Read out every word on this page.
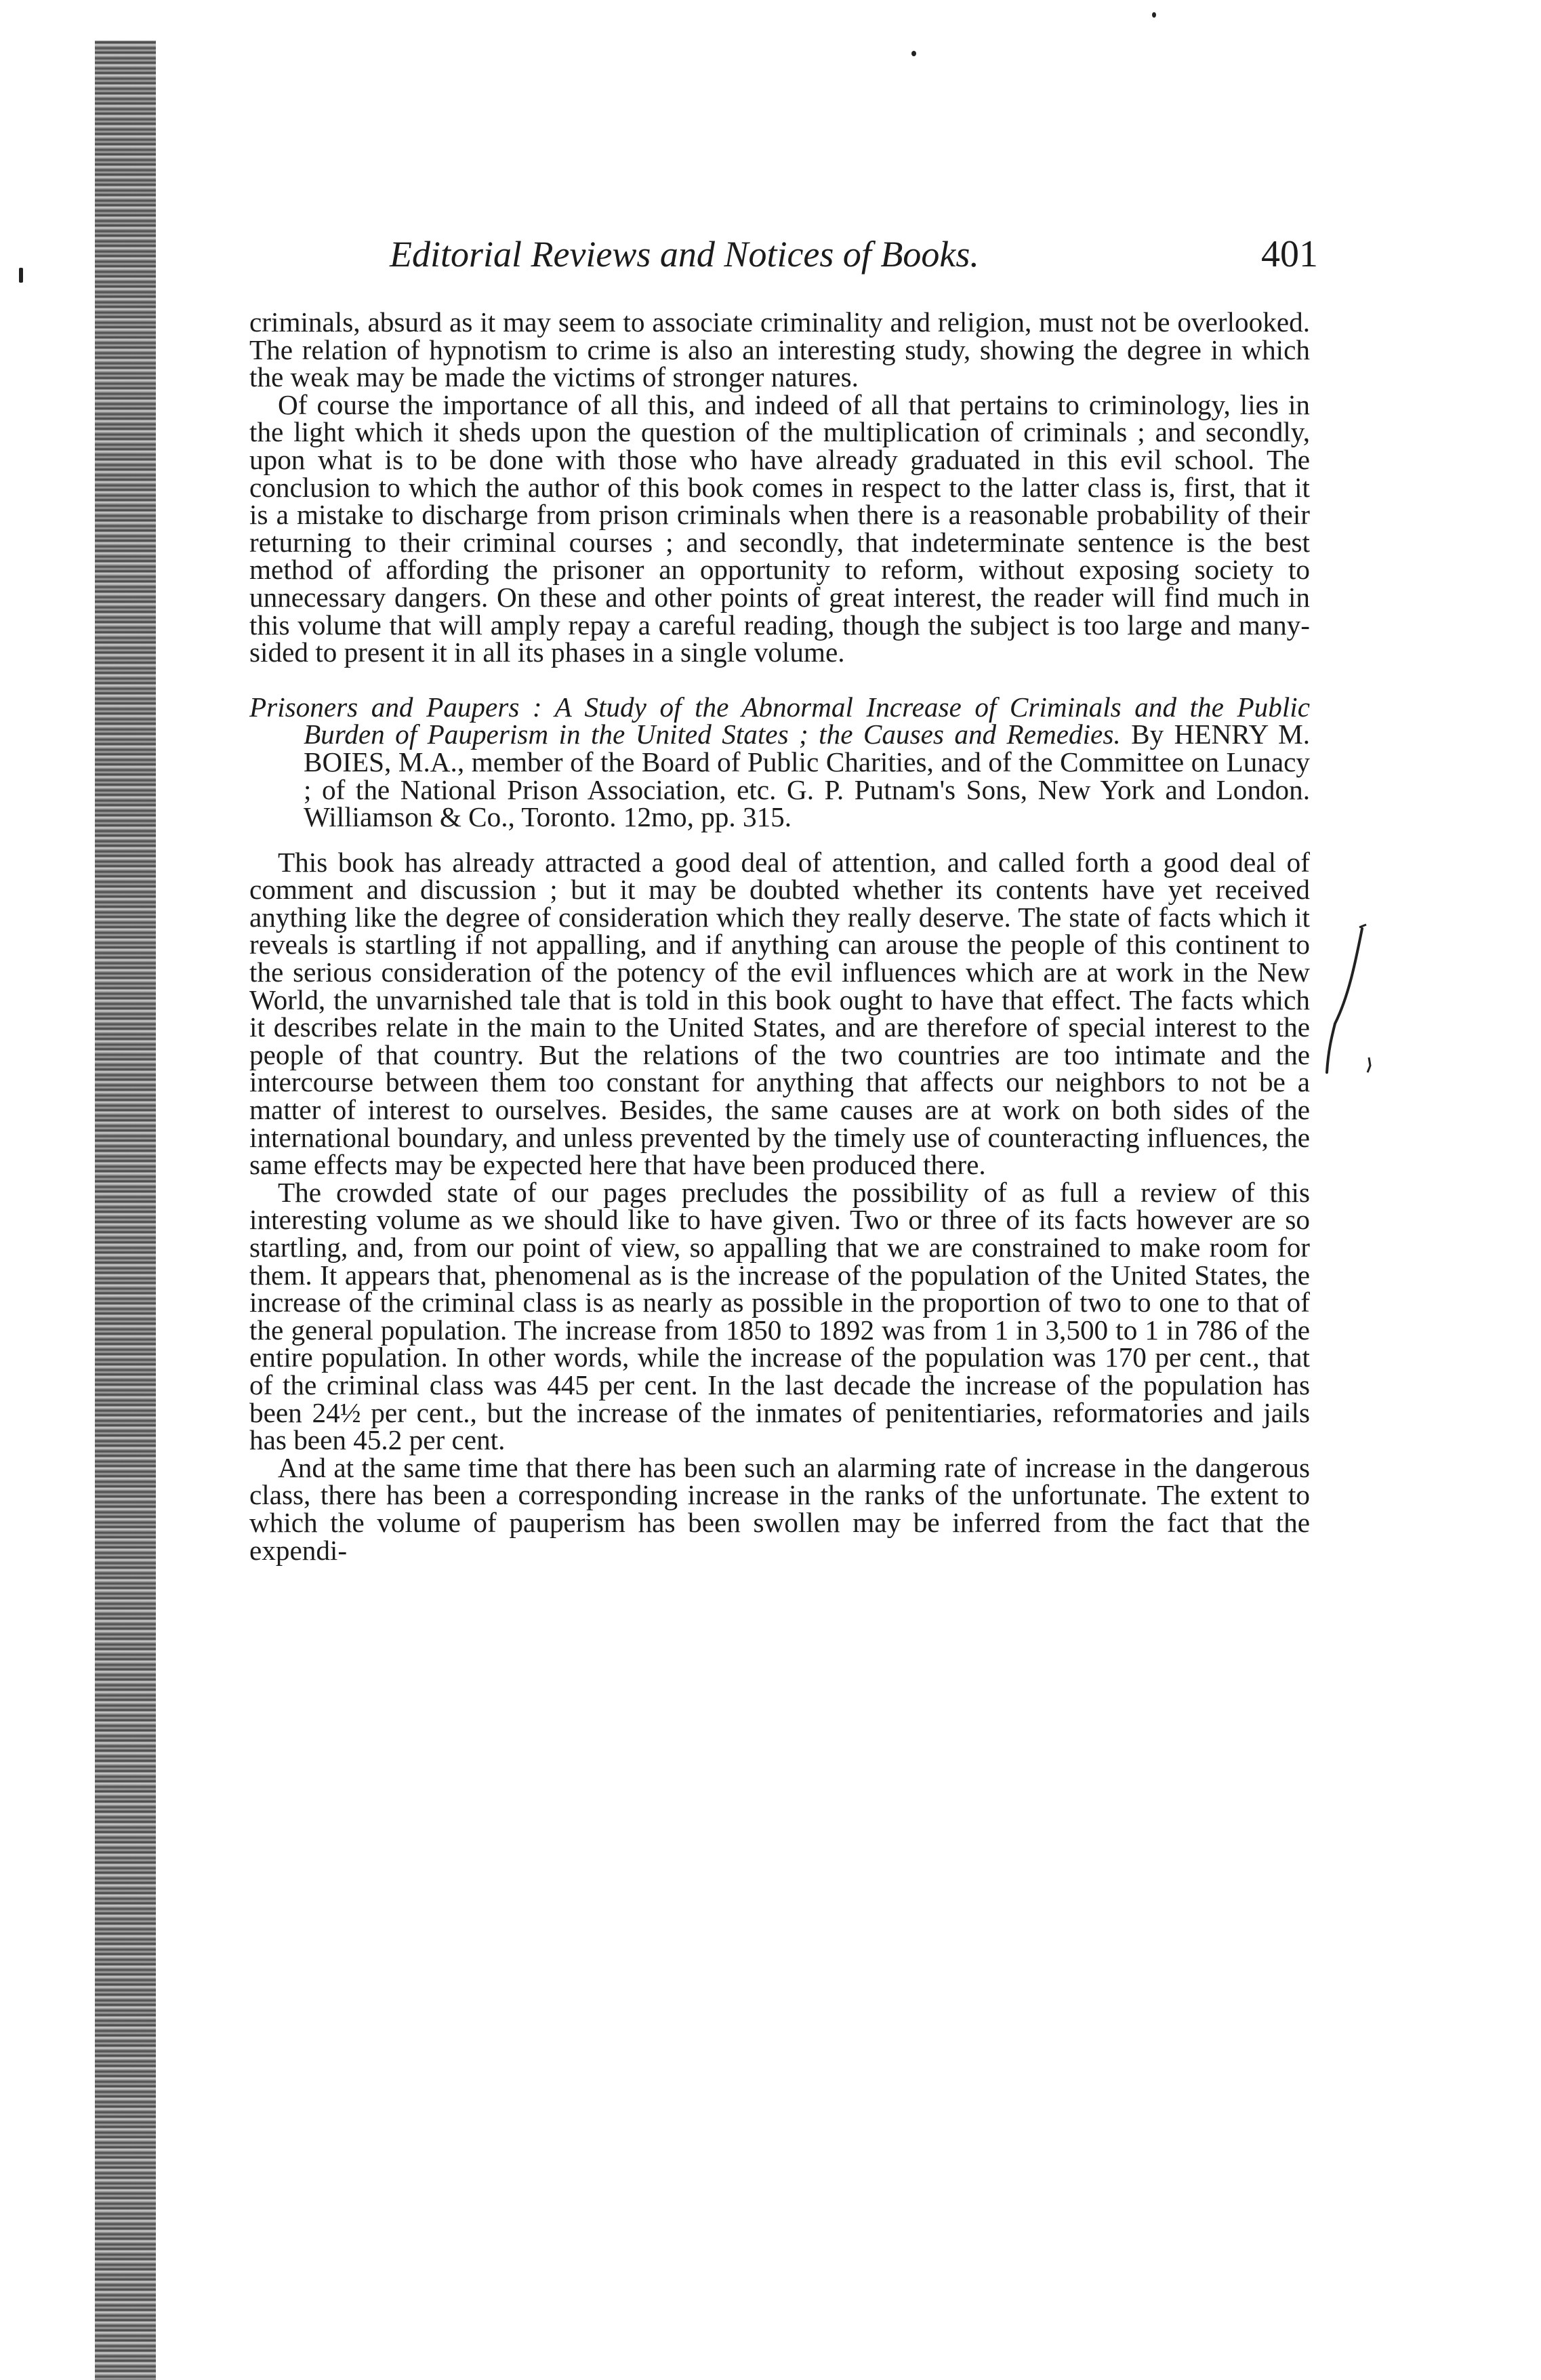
Editorial Reviews and Notices of Books.	401

criminals, absurd as it may seem to associate criminality and religion, must not be overlooked. The relation of hypnotism to crime is also an interesting study, showing the degree in which the weak may be made the victims of stronger natures.

Of course the importance of all this, and indeed of all that pertains to criminology, lies in the light which it sheds upon the question of the multiplication of criminals ; and secondly, upon what is to be done with those who have already graduated in this evil school. The conclusion to which the author of this book comes in respect to the latter class is, first, that it is a mistake to discharge from prison criminals when there is a reasonable probability of their returning to their criminal courses ; and secondly, that indeterminate sentence is the best method of affording the prisoner an opportunity to reform, without exposing society to unnecessary dangers. On these and other points of great interest, the reader will find much in this volume that will amply repay a careful reading, though the subject is too large and many-sided to present it in all its phases in a single volume.

Prisoners and Paupers : A Study of the Abnormal Increase of Criminals and the Public Burden of Pauperism in the United States ; the Causes and Remedies. By HENRY M. BOIES, M.A., member of the Board of Public Charities, and of the Committee on Lunacy ; of the National Prison Association, etc. G. P. Putnam's Sons, New York and London. Williamson & Co., Toronto. 12mo, pp. 315.

This book has already attracted a good deal of attention, and called forth a good deal of comment and discussion ; but it may be doubted whether its contents have yet received anything like the degree of consideration which they really deserve. The state of facts which it reveals is startling if not appalling, and if anything can arouse the people of this continent to the serious consideration of the potency of the evil influences which are at work in the New World, the unvarnished tale that is told in this book ought to have that effect. The facts which it describes relate in the main to the United States, and are therefore of special interest to the people of that country. But the relations of the two countries are too intimate and the intercourse between them too constant for anything that affects our neighbors to not be a matter of interest to ourselves. Besides, the same causes are at work on both sides of the international boundary, and unless prevented by the timely use of counteracting influences, the same effects may be expected here that have been produced there.

The crowded state of our pages precludes the possibility of as full a review of this interesting volume as we should like to have given. Two or three of its facts however are so startling, and, from our point of view, so appalling that we are constrained to make room for them. It appears that, phenomenal as is the increase of the population of the United States, the increase of the criminal class is as nearly as possible in the proportion of two to one to that of the general population. The increase from 1850 to 1892 was from 1 in 3,500 to 1 in 786 of the entire population. In other words, while the increase of the population was 170 per cent., that of the criminal class was 445 per cent. In the last decade the increase of the population has been 24½ per cent., but the increase of the inmates of penitentiaries, reformatories and jails has been 45.2 per cent.

And at the same time that there has been such an alarming rate of increase in the dangerous class, there has been a corresponding increase in the ranks of the unfortunate. The extent to which the volume of pauperism has been swollen may be inferred from the fact that the expendi-
